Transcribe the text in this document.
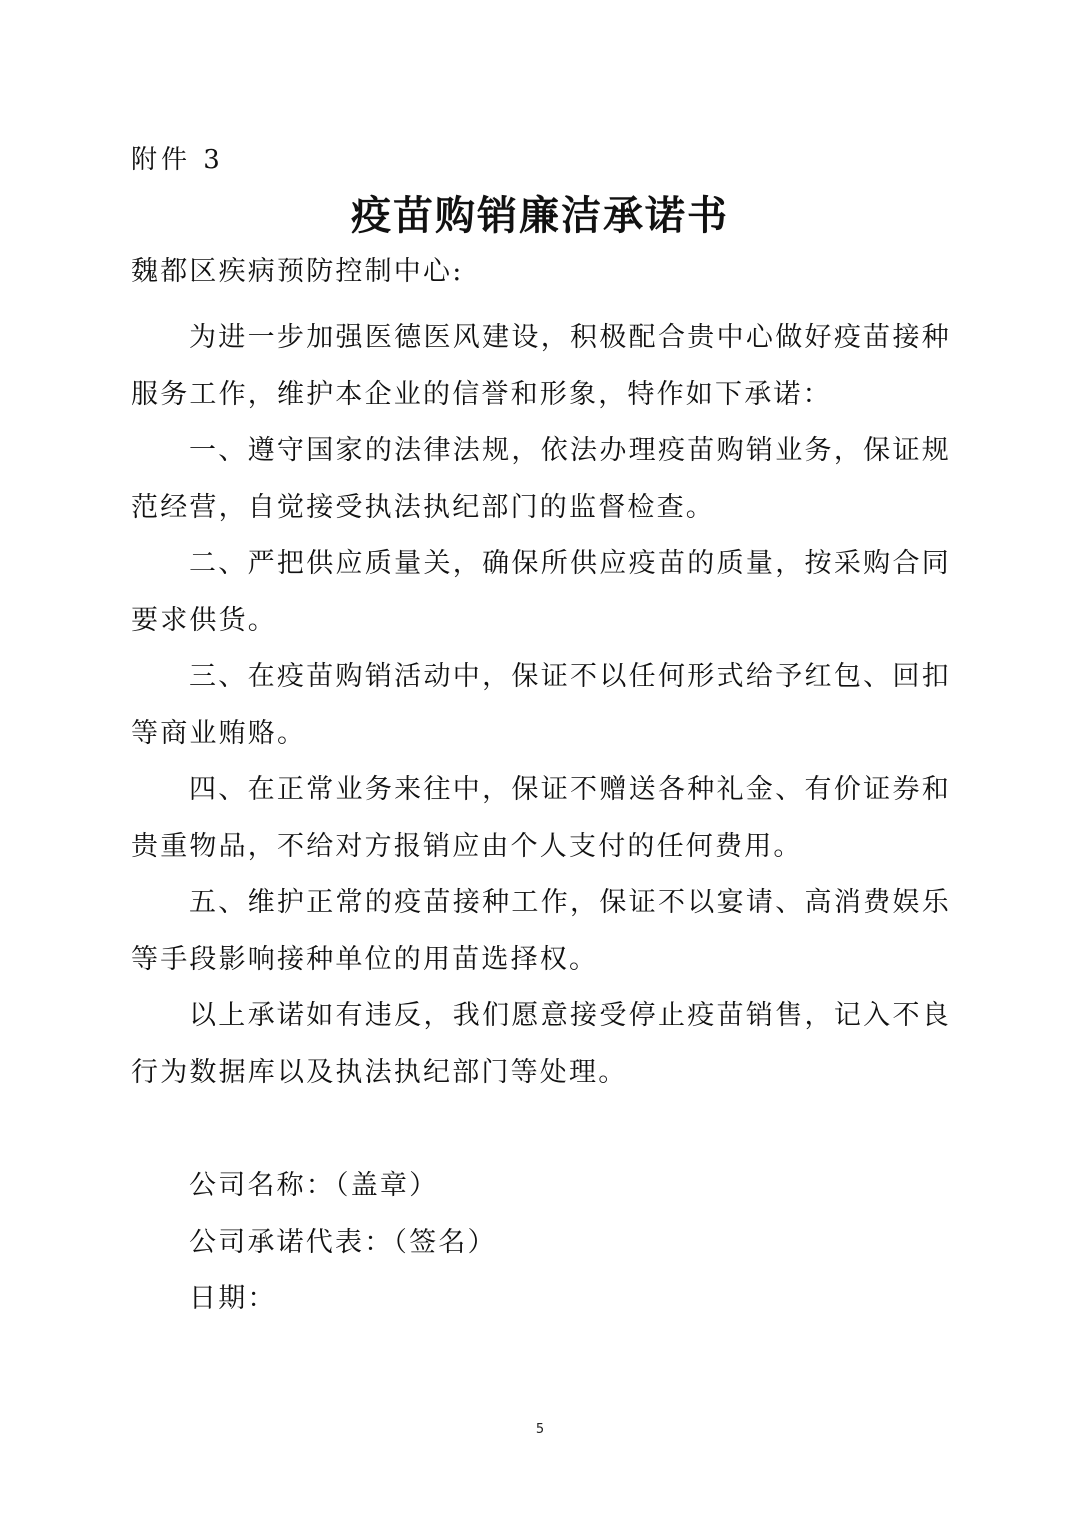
附件 3
疫苗购销廉洁承诺书
魏都区疾病预防控制中心:

为进一步加强医德医风建设，积极配合贵中心做好疫苗接种服务工作，维护本企业的信誉和形象，特作如下承诺：

一、遵守国家的法律法规，依法办理疫苗购销业务，保证规范经营，自觉接受执法执纪部门的监督检查。

二、严把供应质量关，确保所供应疫苗的质量，按采购合同要求供货。

三、在疫苗购销活动中，保证不以任何形式给予红包、回扣等商业贿赂。

四、在正常业务来往中，保证不赠送各种礼金、有价证券和贵重物品，不给对方报销应由个人支付的任何费用。

五、维护正常的疫苗接种工作，保证不以宴请、高消费娱乐等手段影响接种单位的用苗选择权。

以上承诺如有违反，我们愿意接受停止疫苗销售，记入不良行为数据库以及执法执纪部门等处理。

公司名称：（盖章）
公司承诺代表：（签名）
日期：
5
